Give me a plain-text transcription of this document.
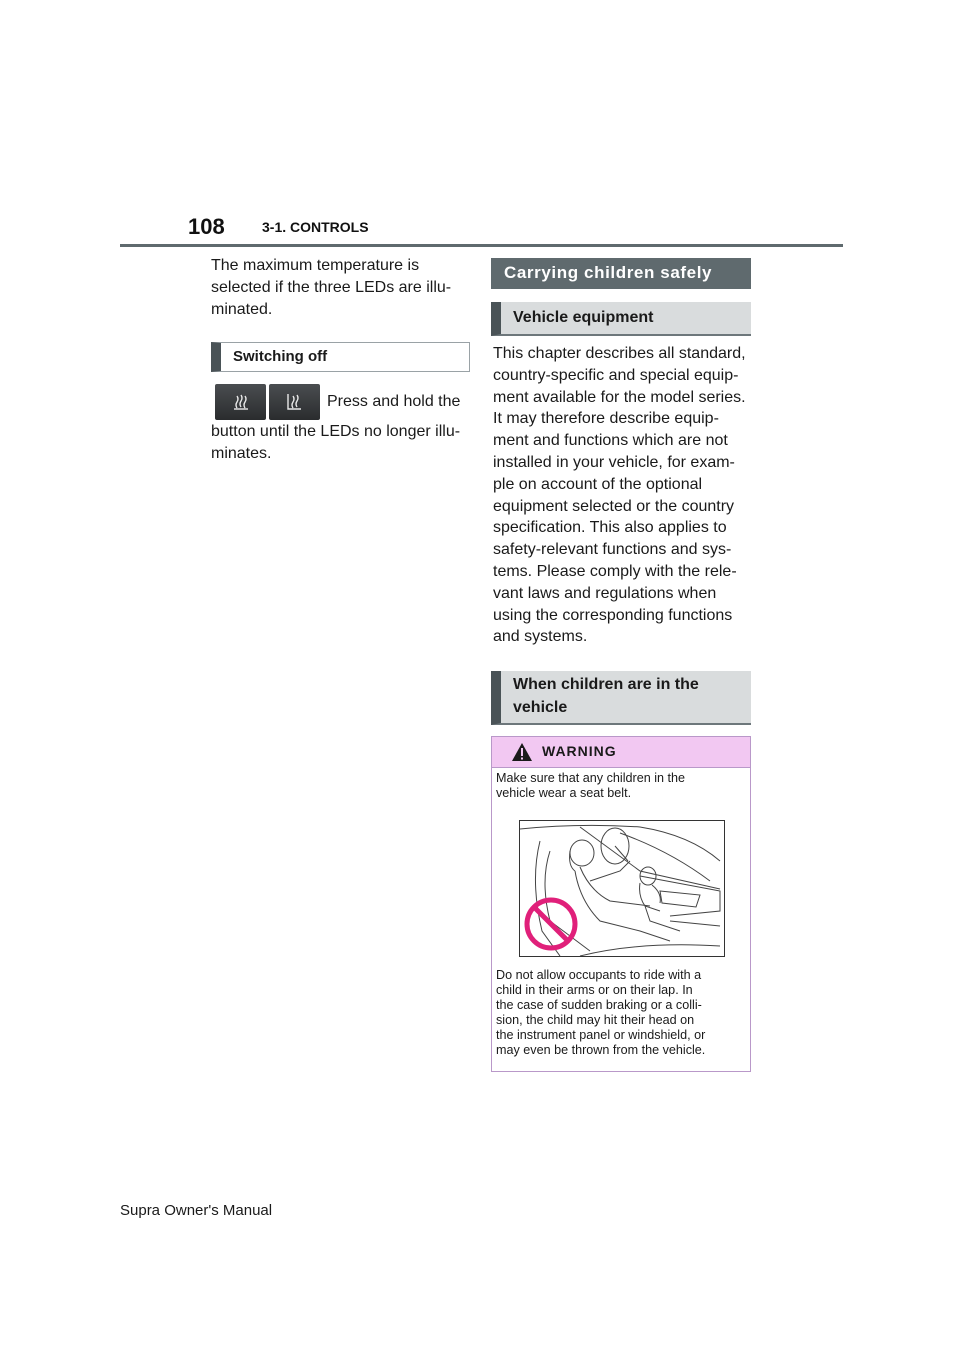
108	3-1. CONTROLS
The maximum temperature is
selected if the three LEDs are illu-
minated.
Switching off
Press and hold the
button until the LEDs no longer illu-
minates.
Carrying children safely
Vehicle equipment
This chapter describes all standard,
country-specific and special equip-
ment available for the model series.
It may therefore describe equip-
ment and functions which are not
installed in your vehicle, for exam-
ple on account of the optional
equipment selected or the country
specification. This also applies to
safety-relevant functions and sys-
tems. Please comply with the rele-
vant laws and regulations when
using the corresponding functions
and systems.
When children are in the
vehicle
WARNING
Make sure that any children in the
vehicle wear a seat belt.
Do not allow occupants to ride with a
child in their arms or on their lap. In
the case of sudden braking or a colli-
sion, the child may hit their head on
the instrument panel or windshield, or
may even be thrown from the vehicle.
Supra Owner's Manual
